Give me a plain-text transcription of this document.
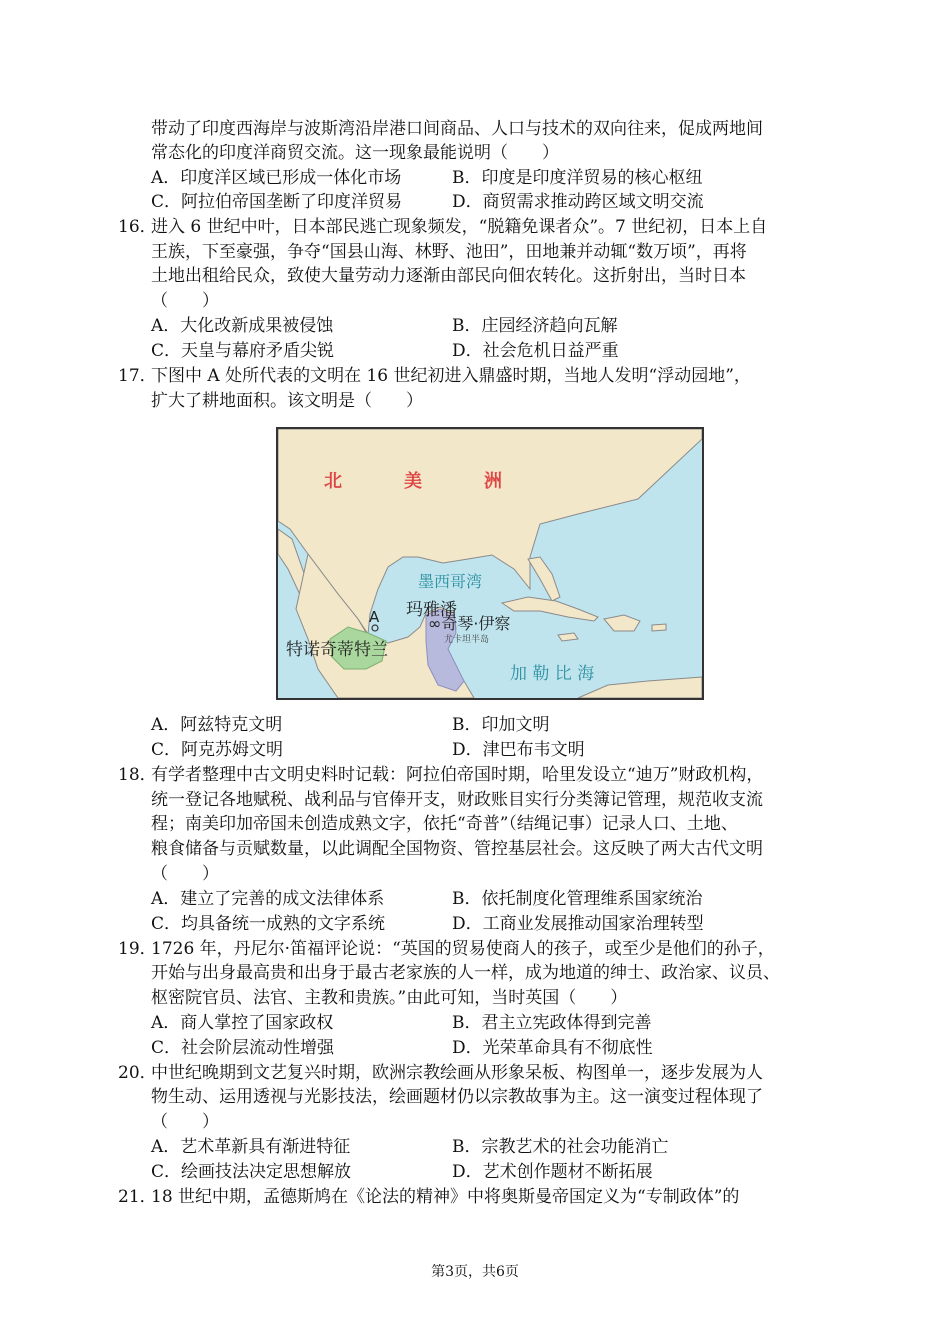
带动了印度西海岸与波斯湾沿岸港口间商品、人口与技术的双向往来，促成两地间
常态化的印度洋商贸交流。这一现象最能说明（　　）
A．印度洋区域已形成一体化市场	B．印度是印度洋贸易的核心枢纽
C．阿拉伯帝国垄断了印度洋贸易	D．商贸需求推动跨区域文明交流
16．
进入 6 世纪中叶，日本部民逃亡现象频发，“脱籍免课者众”。7 世纪初，日本上自
王族，下至豪强，争夺“国县山海、林野、池田”，田地兼并动辄“数万顷”，再将
土地出租给民众，致使大量劳动力逐渐由部民向佃农转化。这折射出，当时日本
（　　）
A．大化改新成果被侵蚀	B．庄园经济趋向瓦解
C．天皇与幕府矛盾尖锐	D．社会危机日益严重
17．
下图中 A 处所代表的文明在 16 世纪初进入鼎盛时期，当地人发明“浮动园地”，
扩大了耕地面积。该文明是（　　）
北	美	洲
墨西哥湾
玛雅潘
∞奇琴·伊察
尤卡坦半岛
A
特诺奇蒂特兰
加 勒 比 海
A．阿兹特克文明	B．印加文明
C．阿克苏姆文明	D．津巴布韦文明
18．
有学者整理中古文明史料时记载：阿拉伯帝国时期，哈里发设立“迪万”财政机构，
统一登记各地赋税、战利品与官俸开支，财政账目实行分类簿记管理，规范收支流
程；南美印加帝国未创造成熟文字，依托“奇普”（结绳记事）记录人口、土地、
粮食储备与贡赋数量，以此调配全国物资、管控基层社会。这反映了两大古代文明
（　　）
A．建立了完善的成文法律体系	B．依托制度化管理维系国家统治
C．均具备统一成熟的文字系统	D．工商业发展推动国家治理转型
19．
1726 年，丹尼尔·笛福评论说：“英国的贸易使商人的孩子，或至少是他们的孙子，
开始与出身最高贵和出身于最古老家族的人一样，成为地道的绅士、政治家、议员、
枢密院官员、法官、主教和贵族。”由此可知，当时英国（　　）
A．商人掌控了国家政权	B．君主立宪政体得到完善
C．社会阶层流动性增强	D．光荣革命具有不彻底性
20．
中世纪晚期到文艺复兴时期，欧洲宗教绘画从形象呆板、构图单一，逐步发展为人
物生动、运用透视与光影技法，绘画题材仍以宗教故事为主。这一演变过程体现了
（　　）
A．艺术革新具有渐进特征	B．宗教艺术的社会功能消亡
C．绘画技法决定思想解放	D．艺术创作题材不断拓展
21．
18 世纪中期，孟德斯鸠在《论法的精神》中将奥斯曼帝国定义为“专制政体”的
第3页，共6页
